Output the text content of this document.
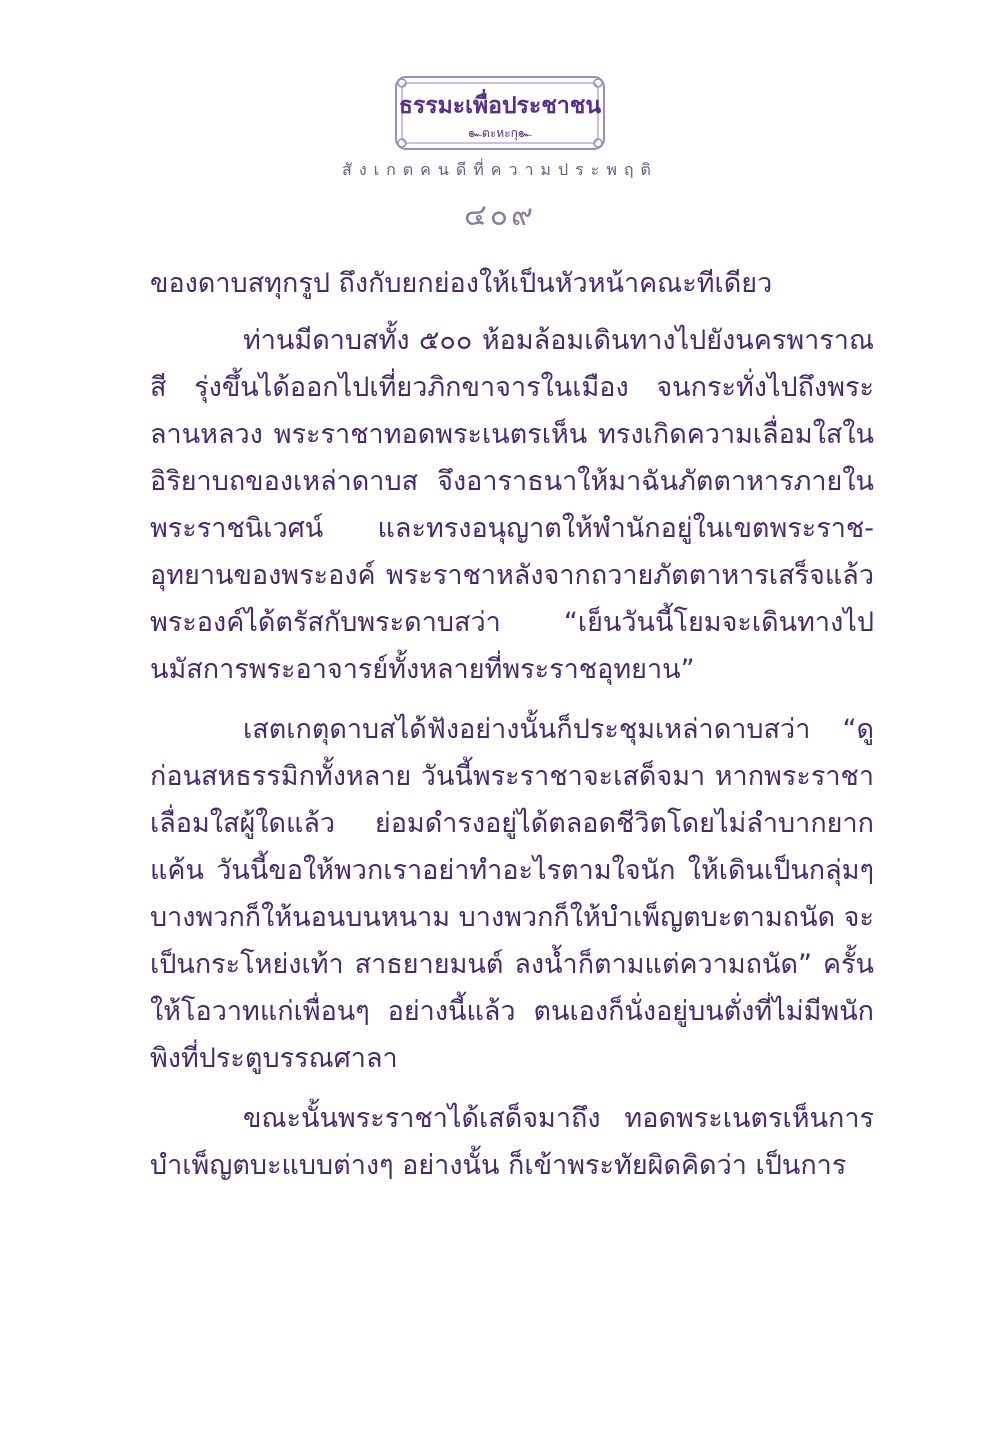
ธรรมะเพื่อประชาชน
๛ตะหะกุ๛
สังเกตคนดีที่ความประพฤติ
๔๐๙

ของดาบสทุกรูป ถึงกับยกย่องให้เป็นหัวหน้าคณะทีเดียว

ท่านมีดาบสทั้ง ๕๐๐ ห้อมล้อมเดินทางไปยังนครพาราณสี รุ่งขึ้นได้ออกไปเที่ยวภิกขาจารในเมือง จนกระทั่งไปถึงพระลานหลวง พระราชาทอดพระเนตรเห็น ทรงเกิดความเลื่อมใสในอิริยาบถของเหล่าดาบส จึงอาราธนาให้มาฉันภัตตาหารภายในพระราชนิเวศน์ และทรงอนุญาตให้พำนักอยู่ในเขตพระราช-อุทยานของพระองค์ พระราชาหลังจากถวายภัตตาหารเสร็จแล้ว พระองค์ได้ตรัสกับพระดาบสว่า “เย็นวันนี้โยมจะเดินทางไปนมัสการพระอาจารย์ทั้งหลายที่พระราชอุทยาน”

เสตเกตุดาบสได้ฟังอย่างนั้นก็ประชุมเหล่าดาบสว่า “ดูก่อนสหธรรมิกทั้งหลาย วันนี้พระราชาจะเสด็จมา หากพระราชาเลื่อมใสผู้ใดแล้ว ย่อมดำรงอยู่ได้ตลอดชีวิตโดยไม่ลำบากยากแค้น วันนี้ขอให้พวกเราอย่าทำอะไรตามใจนัก ให้เดินเป็นกลุ่มๆ บางพวกก็ให้นอนบนหนาม บางพวกก็ให้บำเพ็ญตบะตามถนัด จะเป็นกระโหย่งเท้า สาธยายมนต์ ลงน้ำก็ตามแต่ความถนัด” ครั้นให้โอวาทแก่เพื่อนๆ อย่างนี้แล้ว ตนเองก็นั่งอยู่บนตั่งที่ไม่มีพนักพิงที่ประตูบรรณศาลา

ขณะนั้นพระราชาได้เสด็จมาถึง ทอดพระเนตรเห็นการบำเพ็ญตบะแบบต่างๆ อย่างนั้น ก็เข้าพระทัยผิดคิดว่า เป็นการ
